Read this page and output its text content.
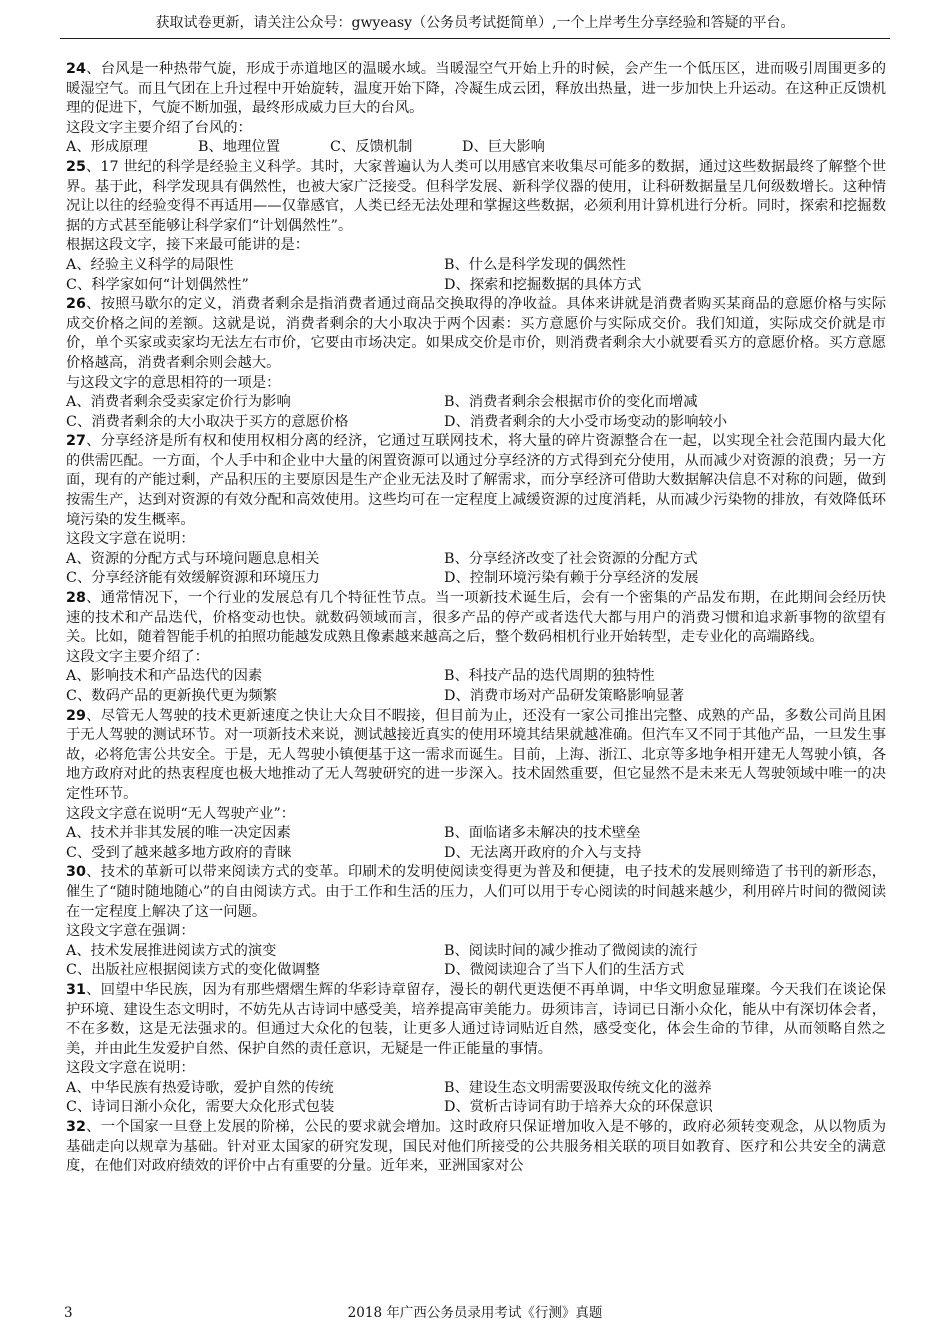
获取试卷更新，请关注公众号：gwyeasy（公务员考试挺简单）,一个上岸考生分享经验和答疑的平台。

24、台风是一种热带气旋，形成于赤道地区的温暖水域。当暖湿空气开始上升的时候，会产生一个低压区，进而吸引周围更多的暖湿空气。而且气团在上升过程中开始旋转，温度开始下降，冷凝生成云团，释放出热量，进一步加快上升运动。在这种正反馈机理的促进下，气旋不断加强，最终形成威力巨大的台风。

这段文字主要介绍了台风的：
A、形成原理	B、地理位置	C、反馈机制	D、巨大影响

25、17 世纪的科学是经验主义科学。其时，大家普遍认为人类可以用感官来收集尽可能多的数据，通过这些数据最终了解整个世界。基于此，科学发现具有偶然性，也被大家广泛接受。但科学发展、新科学仪器的使用，让科研数据量呈几何级数增长。这种情况让以往的经验变得不再适用——仅靠感官，人类已经无法处理和掌握这些数据，必须利用计算机进行分析。同时，探索和挖掘数据的方式甚至能够让科学家们“计划偶然性”。

根据这段文字，接下来最可能讲的是：
A、经验主义科学的局限性	B、什么是科学发现的偶然性
C、科学家如何“计划偶然性”	D、探索和挖掘数据的具体方式

26、按照马歇尔的定义，消费者剩余是指消费者通过商品交换取得的净收益。具体来讲就是消费者购买某商品的意愿价格与实际成交价格之间的差额。这就是说，消费者剩余的大小取决于两个因素：买方意愿价与实际成交价。我们知道，实际成交价就是市价，单个买家或卖家均无法左右市价，它要由市场决定。如果成交价是市价，则消费者剩余大小就要看买方的意愿价格。买方意愿价格越高，消费者剩余则会越大。

与这段文字的意思相符的一项是：
A、消费者剩余受卖家定价行为影响	B、消费者剩余会根据市价的变化而增减
C、消费者剩余的大小取决于买方的意愿价格	D、消费者剩余的大小受市场变动的影响较小

27、分享经济是所有权和使用权相分离的经济，它通过互联网技术，将大量的碎片资源整合在一起，以实现全社会范围内最大化的供需匹配。一方面，个人手中和企业中大量的闲置资源可以通过分享经济的方式得到充分使用，从而减少对资源的浪费；另一方面，现有的产能过剩，产品积压的主要原因是生产企业无法及时了解需求，而分享经济可借助大数据解决信息不对称的问题，做到按需生产，达到对资源的有效分配和高效使用。这些均可在一定程度上减缓资源的过度消耗，从而减少污染物的排放，有效降低环境污染的发生概率。

这段文字意在说明：
A、资源的分配方式与环境问题息息相关	B、分享经济改变了社会资源的分配方式
C、分享经济能有效缓解资源和环境压力	D、控制环境污染有赖于分享经济的发展

28、通常情况下，一个行业的发展总有几个特征性节点。当一项新技术诞生后，会有一个密集的产品发布期，在此期间会经历快速的技术和产品迭代，价格变动也快。就数码领域而言，很多产品的停产或者迭代大都与用户的消费习惯和追求新事物的欲望有关。比如，随着智能手机的拍照功能越发成熟且像素越来越高之后，整个数码相机行业开始转型，走专业化的高端路线。

这段文字主要介绍了：
A、影响技术和产品迭代的因素	B、科技产品的迭代周期的独特性
C、数码产品的更新换代更为频繁	D、消费市场对产品研发策略影响显著

29、尽管无人驾驶的技术更新速度之快让大众目不暇接，但目前为止，还没有一家公司推出完整、成熟的产品，多数公司尚且困于无人驾驶的测试环节。对一项新技术来说，测试越接近真实的使用环境其结果就越准确。但汽车又不同于其他产品，一旦发生事故，必将危害公共安全。于是，无人驾驶小镇便基于这一需求而诞生。目前，上海、浙江、北京等多地争相开建无人驾驶小镇，各地方政府对此的热衷程度也极大地推动了无人驾驶研究的进一步深入。技术固然重要，但它显然不是未来无人驾驶领域中唯一的决定性环节。

这段文字意在说明“无人驾驶产业”：
A、技术并非其发展的唯一决定因素	B、面临诸多未解决的技术壁垒
C、受到了越来越多地方政府的青睐	D、无法离开政府的介入与支持

30、技术的革新可以带来阅读方式的变革。印刷术的发明使阅读变得更为普及和便捷，电子技术的发展则缔造了书刊的新形态，催生了“随时随地随心”的自由阅读方式。由于工作和生活的压力，人们可以用于专心阅读的时间越来越少，利用碎片时间的微阅读在一定程度上解决了这一问题。

这段文字意在强调：
A、技术发展推进阅读方式的演变	B、阅读时间的减少推动了微阅读的流行
C、出版社应根据阅读方式的变化做调整	D、微阅读迎合了当下人们的生活方式

31、回望中华民族，因为有那些熠熠生辉的华彩诗章留存，漫长的朝代更迭便不再单调，中华文明愈显璀璨。今天我们在谈论保护环境、建设生态文明时，不妨先从古诗词中感受美，培养提高审美能力。毋须讳言，诗词已日渐小众化，能从中有深切体会者，不在多数，这是无法强求的。但通过大众化的包装，让更多人通过诗词贴近自然，感受变化，体会生命的节律，从而领略自然之美，并由此生发爱护自然、保护自然的责任意识，无疑是一件正能量的事情。

这段文字意在说明：
A、中华民族有热爱诗歌，爱护自然的传统	B、建设生态文明需要汲取传统文化的滋养
C、诗词日渐小众化，需要大众化形式包装	D、赏析古诗词有助于培养大众的环保意识

32、一个国家一旦登上发展的阶梯，公民的要求就会增加。这时政府只保证增加收入是不够的，政府必须转变观念，从以物质为基础走向以规章为基础。针对亚太国家的研究发现，国民对他们所接受的公共服务相关联的项目如教育、医疗和公共安全的满意度，在他们对政府绩效的评价中占有重要的分量。近年来，亚洲国家对公

3	2018 年广西公务员录用考试《行测》真题
